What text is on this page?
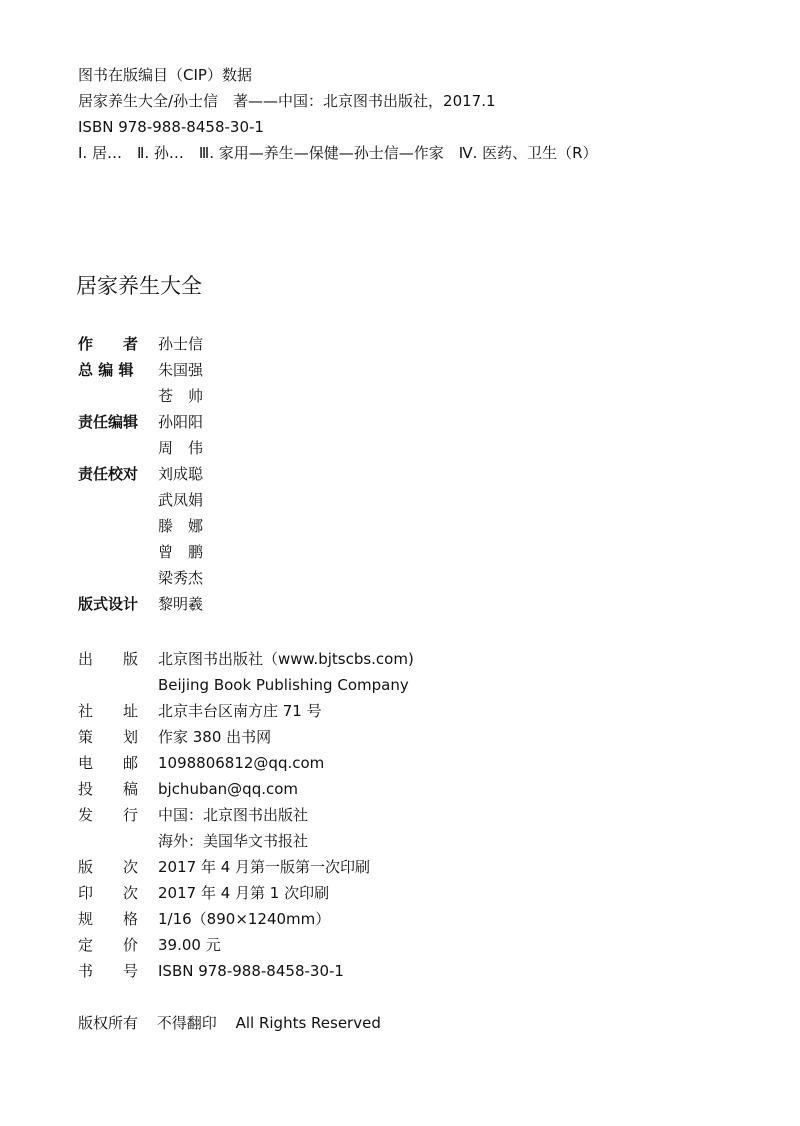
图书在版编目（CIP）数据
居家养生大全/孙士信　著——中国：北京图书出版社，2017.1
ISBN 978-988-8458-30-1
Ⅰ. 居…　Ⅱ. 孙…　Ⅲ. 家用—养生—保健—孙士信—作家　Ⅳ. 医药、卫生（R）
居家养生大全
作　　者	孙士信
总 编 辑	朱国强
苍　帅
责任编辑	孙阳阳
周　伟
责任校对	刘成聪
武凤娟
滕　娜
曾　鹏
梁秀杰
版式设计	黎明羲
出　　版	北京图书出版社（www.bjtscbs.com)
Beijing Book Publishing Company
社　　址	北京丰台区南方庄 71 号
策　　划	作家 380 出书网
电　　邮	1098806812@qq.com
投　　稿	bjchuban@qq.com
发　　行	中国：北京图书出版社
海外：美国华文书报社
版　　次	2017 年 4 月第一版第一次印刷
印　　次	2017 年 4 月第 1 次印刷
规　　格	1/16（890×1240mm）
定　　价	39.00 元
书　　号	ISBN 978-988-8458-30-1
版权所有 不得翻印 All Rights Reserved
